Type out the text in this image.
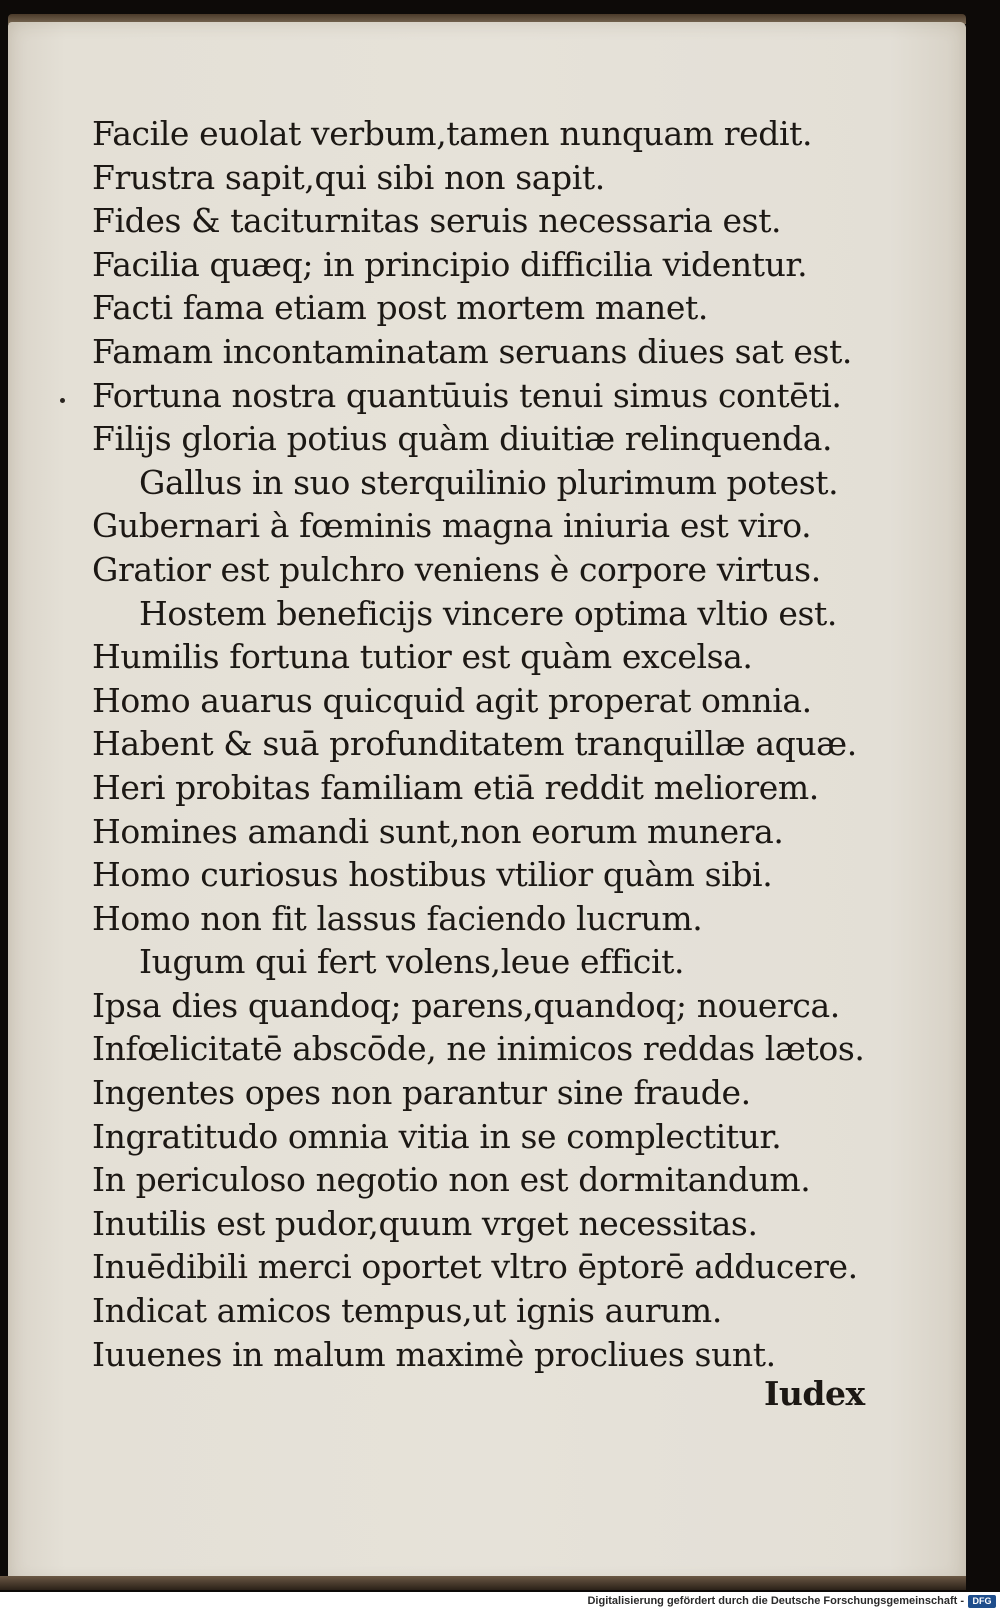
Facile euolat verbum,tamen nunquam redit.
Frustra sapit,qui sibi non sapit.
Fides & taciturnitas seruis necessaria est.
Facilia quæq; in principio difficilia videntur.
Facti fama etiam post mortem manet.
Famam incontaminatam seruans diues sat est.
Fortuna nostra quantūuis tenui simus contēti.
Filijs gloria potius quàm diuitiæ relinquenda.
Gallus in suo sterquilinio plurimum potest.
Gubernari à fœminis magna iniuria est viro.
Gratior est pulchro veniens è corpore virtus.
Hostem beneficijs vincere optima vltio est.
Humilis fortuna tutior est quàm excelsa.
Homo auarus quicquid agit properat omnia.
Habent & suā profunditatem tranquillæ aquæ.
Heri probitas familiam etiā reddit meliorem.
Homines amandi sunt,non eorum munera.
Homo curiosus hostibus vtilior quàm sibi.
Homo non fit lassus faciendo lucrum.
Iugum qui fert volens,leue efficit.
Ipsa dies quandoq; parens,quandoq; nouerca.
Infœlicitatē abscōde, ne inimicos reddas lætos.
Ingentes opes non parantur sine fraude.
Ingratitudo omnia vitia in se complectitur.
In periculoso negotio non est dormitandum.
Inutilis est pudor,quum vrget necessitas.
Inuēdibili merci oportet vltro ēptorē adducere.
Indicat amicos tempus,ut ignis aurum.
Iuuenes in malum maximè procliues sunt.
Iudex
Digitalisierung gefördert durch die Deutsche Forschungsgemeinschaft - DFG
